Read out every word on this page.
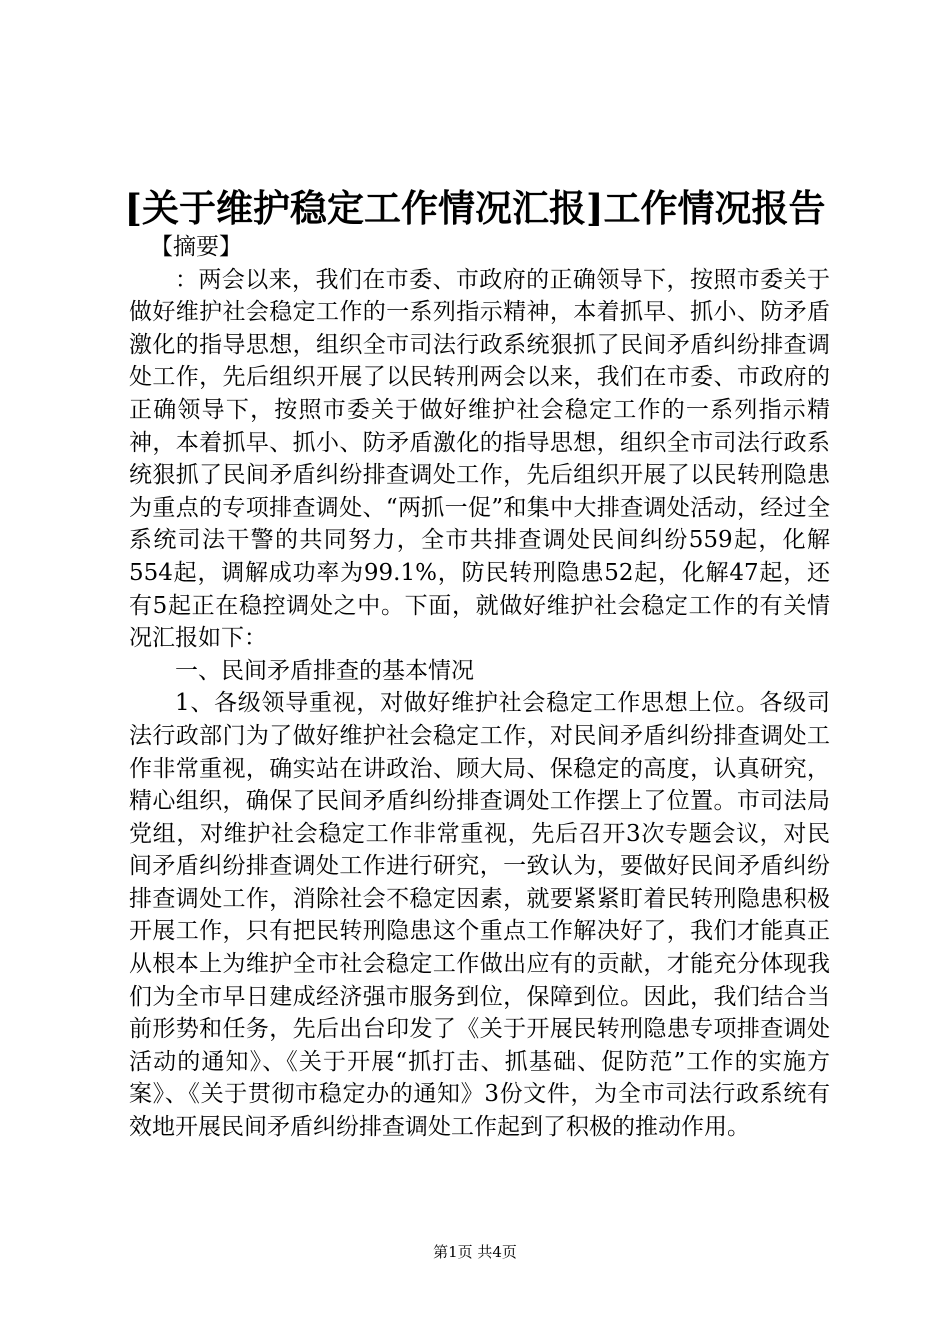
[关于维护稳定工作情况汇报]工作情况报告

【摘要】

：两会以来，我们在市委、市政府的正确领导下，按照市委关于做好维护社会稳定工作的一系列指示精神，本着抓早、抓小、防矛盾激化的指导思想，组织全市司法行政系统狠抓了民间矛盾纠纷排查调处工作，先后组织开展了以民转刑两会以来，我们在市委、市政府的正确领导下，按照市委关于做好维护社会稳定工作的一系列指示精神，本着抓早、抓小、防矛盾激化的指导思想，组织全市司法行政系统狠抓了民间矛盾纠纷排查调处工作，先后组织开展了以民转刑隐患为重点的专项排查调处、“两抓一促”和集中大排查调处活动，经过全系统司法干警的共同努力，全市共排查调处民间纠纷559起，化解554起，调解成功率为99.1%，防民转刑隐患52起，化解47起，还有5起正在稳控调处之中。下面，就做好维护社会稳定工作的有关情况汇报如下：

一、民间矛盾排查的基本情况

1、各级领导重视，对做好维护社会稳定工作思想上位。各级司法行政部门为了做好维护社会稳定工作，对民间矛盾纠纷排查调处工作非常重视，确实站在讲政治、顾大局、保稳定的高度，认真研究，精心组织，确保了民间矛盾纠纷排查调处工作摆上了位置。市司法局党组，对维护社会稳定工作非常重视，先后召开3次专题会议，对民间矛盾纠纷排查调处工作进行研究，一致认为，要做好民间矛盾纠纷排查调处工作，消除社会不稳定因素，就要紧紧盯着民转刑隐患积极开展工作，只有把民转刑隐患这个重点工作解决好了，我们才能真正从根本上为维护全市社会稳定工作做出应有的贡献，才能充分体现我们为全市早日建成经济强市服务到位，保障到位。因此，我们结合当前形势和任务，先后出台印发了《关于开展民转刑隐患专项排查调处活动的通知》、《关于开展“抓打击、抓基础、促防范”工作的实施方案》、《关于贯彻市稳定办的通知》3份文件，为全市司法行政系统有效地开展民间矛盾纠纷排查调处工作起到了积极的推动作用。

第1页 共4页
